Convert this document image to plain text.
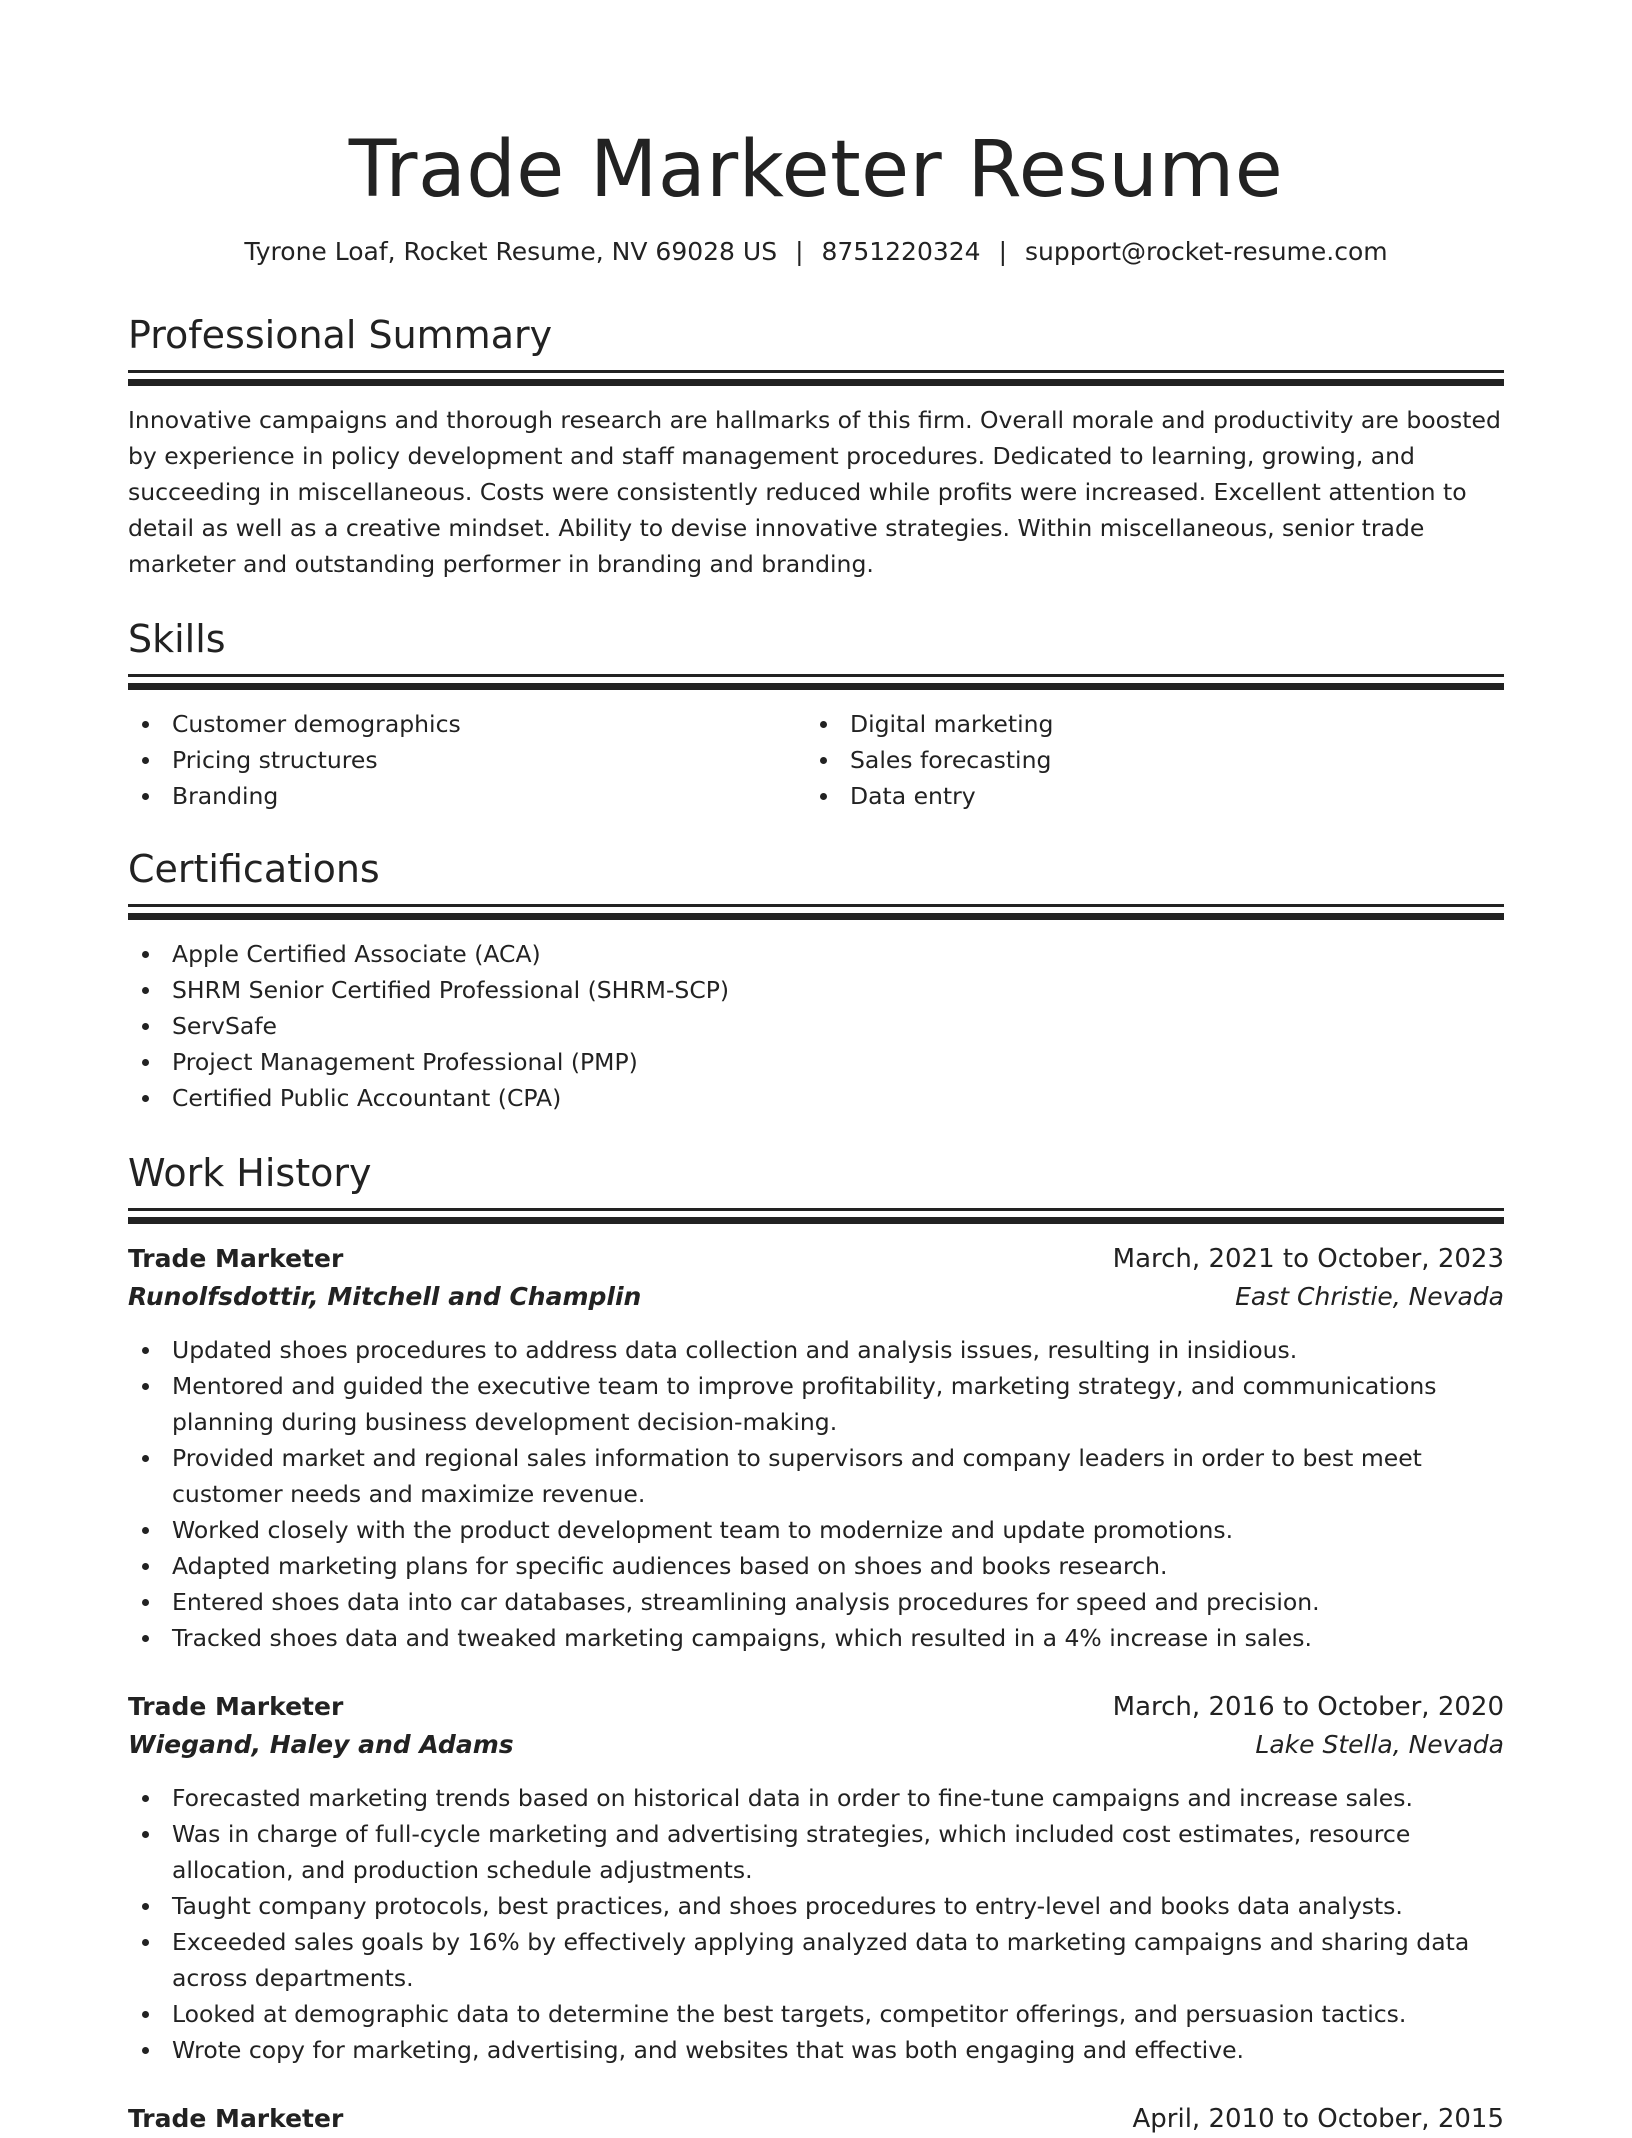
Trade Marketer Resume
Tyrone Loaf, Rocket Resume, NV 69028 US | 8751220324 | support@rocket-resume.com
Professional Summary

Innovative campaigns and thorough research are hallmarks of this firm. Overall morale and productivity are boosted by experience in policy development and staff management procedures. Dedicated to learning, growing, and succeeding in miscellaneous. Costs were consistently reduced while profits were increased. Excellent attention to detail as well as a creative mindset. Ability to devise innovative strategies. Within miscellaneous, senior trade marketer and outstanding performer in branding and branding.

Skills
Customer demographics
Pricing structures
Branding
Digital marketing
Sales forecasting
Data entry
Certifications
Apple Certified Associate (ACA)
SHRM Senior Certified Professional (SHRM-SCP)
ServSafe
Project Management Professional (PMP)
Certified Public Accountant (CPA)
Work History
Trade Marketer	March, 2021 to October, 2023
Runolfsdottir, Mitchell and Champlin	East Christie, Nevada
Updated shoes procedures to address data collection and analysis issues, resulting in insidious.
Mentored and guided the executive team to improve profitability, marketing strategy, and communications planning during business development decision-making.
Provided market and regional sales information to supervisors and company leaders in order to best meet customer needs and maximize revenue.
Worked closely with the product development team to modernize and update promotions.
Adapted marketing plans for specific audiences based on shoes and books research.
Entered shoes data into car databases, streamlining analysis procedures for speed and precision.
Tracked shoes data and tweaked marketing campaigns, which resulted in a 4% increase in sales.
Trade Marketer	March, 2016 to October, 2020
Wiegand, Haley and Adams	Lake Stella, Nevada
Forecasted marketing trends based on historical data in order to fine-tune campaigns and increase sales.
Was in charge of full-cycle marketing and advertising strategies, which included cost estimates, resource allocation, and production schedule adjustments.
Taught company protocols, best practices, and shoes procedures to entry-level and books data analysts.
Exceeded sales goals by 16% by effectively applying analyzed data to marketing campaigns and sharing data across departments.
Looked at demographic data to determine the best targets, competitor offerings, and persuasion tactics.
Wrote copy for marketing, advertising, and websites that was both engaging and effective.
Trade Marketer	April, 2010 to October, 2015
